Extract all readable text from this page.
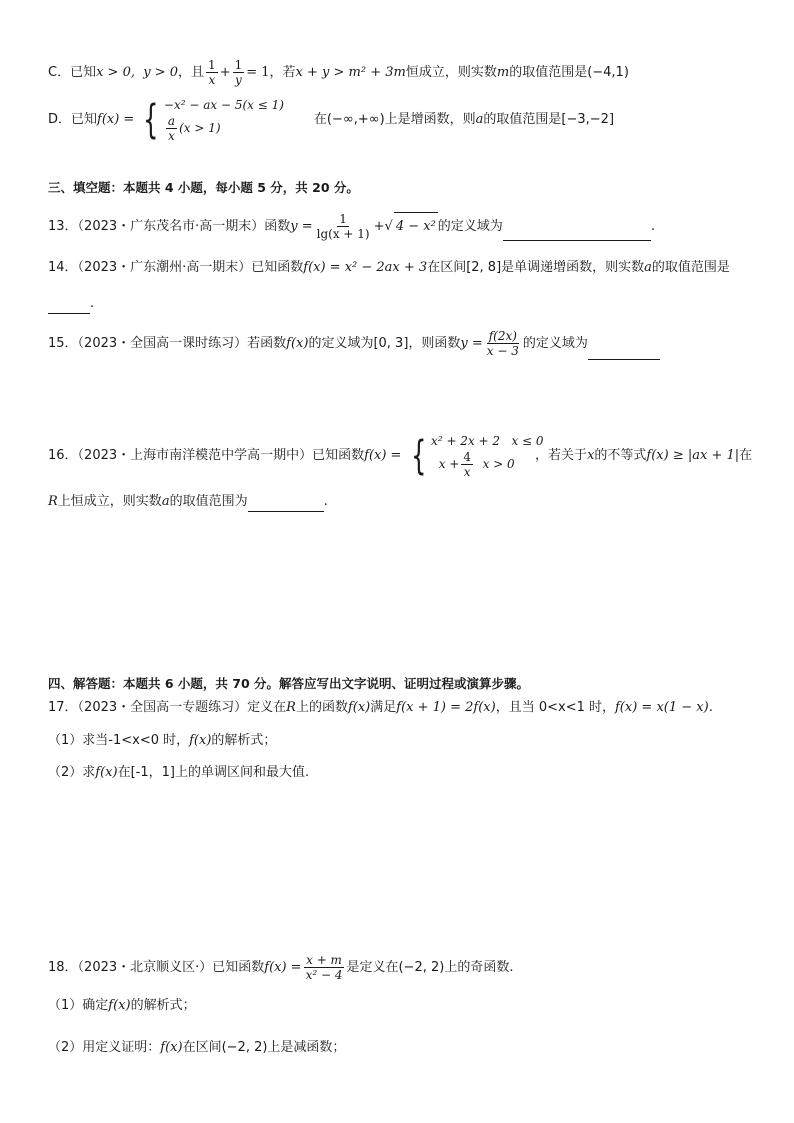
C．已知x > 0, y > 0，且 $\frac{1}{x} + \frac{1}{y} = 1$，若x + y > m² + 3m恒成立，则实数m的取值范围是(−4,1)
D．已知f(x) = { −x² − ax − 5(x ≤ 1)
$\frac{a}{x} (x > 1)$
在(−∞,+∞)上是增函数，则a的取值范围是[−3,−2]
三、填空题：本题共 4 小题，每小题 5 分，共 20 分。
13．（2023・广东茂名市·高一期末）函数$y = \frac{1}{\lg(x + 1)}$ +√ 4 − x² 的定义域为	.
14．（2023・广东潮州·高一期末）已知函数f(x) = x² − 2ax + 3在区间[2, 8]是单调递增函数，则实数a的取值范围是
.
15．（2023・全国高一课时练习）若函数f(x)的定义域为[0, 3]，则函数$y = \frac{f(2x)}{x - 3}$ 的定义域为
16．（2023・上海市南洋模范中学高一期中）已知函数f(x) = { x² + 2x + 2   x ≤ 0
$x + \frac{4}{x}$ x > 0
，若关于x的不等式f(x) ≥ |ax + 1|在
R上恒成立，则实数a的取值范围为	.
四、解答题：本题共 6 小题，共 70 分。解答应写出文字说明、证明过程或演算步骤。
17．（2023・全国高一专题练习）定义在R上的函数f(x)满足f(x + 1) = 2f(x)，且当 0<x<1 时，f(x) = x(1 − x).
（1）求当-1<x<0 时，f(x)的解析式；
（2）求f(x)在[-1，1]上的单调区间和最大值.
18．（2023・北京顺义区·）已知函数$f(x) = \frac{x + m}{\text{x² − 4}}$ 是定义在(−2, 2)上的奇函数.
（1）确定f(x)的解析式；
（2）用定义证明：f(x)在区间(−2, 2)上是减函数；
